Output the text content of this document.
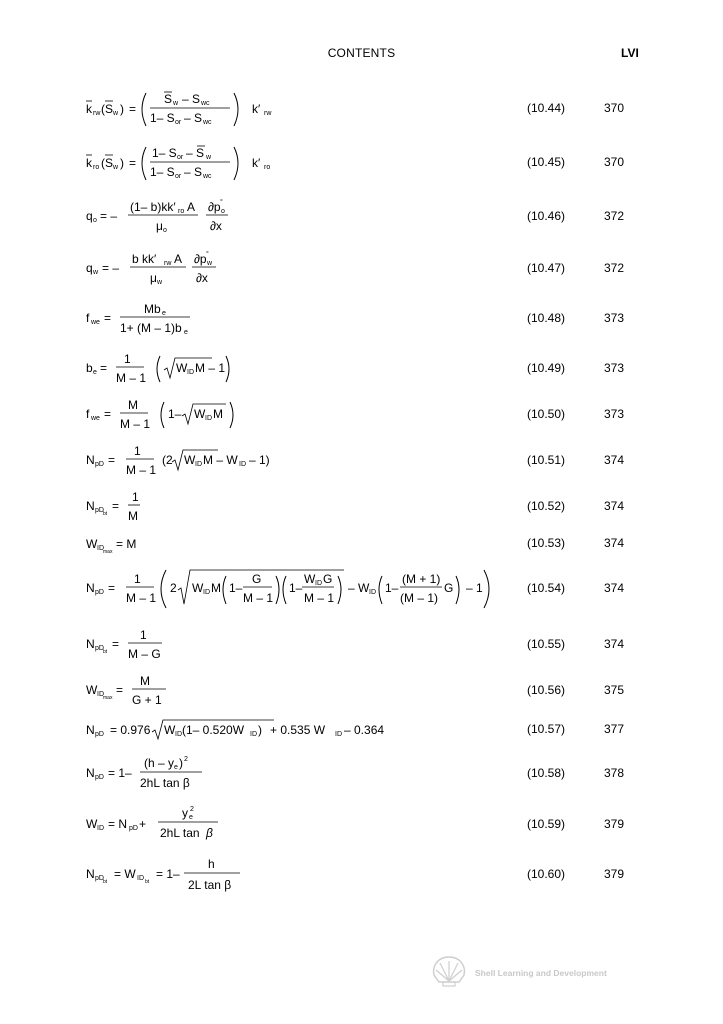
CONTENTS	LVI
k rw (S w ) =
S w – S wc
1– S or – S wc
k′ rw	(10.44)	370
k ro (S w ) =
1– S or – S w
1– S or – S wc
k′ ro	(10.45)	370
q o = –
(1– b)kk′ ro A
μ o
∂p o
°
∂x
(10.46)	372
q w = –
b kk′ rw A
μ w
∂p w
°
∂x
(10.47)	372
f we =
Mb e
1+ (M – 1)b e
(10.48)	373
b e =
1
M – 1
W ID M – 1	(10.49)	373
f we =
M
M – 1
1– W ID M	(10.50)	373
N pD =
1
M – 1
(2 W ID M – W ID – 1)	(10.51)	374
N pD bt
=
1
M
(10.52)	374
W ID max
= M	(10.53)	374
N pD =
1
M – 1
2 W ID M 1–
G
M – 1
1–
W ID G
M – 1
– W ID 1–
(M + 1)
(M – 1)
G – 1	(10.54)	374
N pD bt
=
1
M – G
(10.55)	374
W ID max
=
M
G + 1
(10.56)	375
N pD = 0.976 W ID (1– 0.520W ID ) + 0.535 W ID – 0.364	(10.57)	377
N pD = 1–
(h – y e ) 2
2hL tan β
(10.58)	378
W ID = N pD +
y e
2
2hL tan β
(10.59)	379
N pD bt
= W ID bt
= 1–
h
2L tan β
(10.60)	379
Shell Learning and Development
